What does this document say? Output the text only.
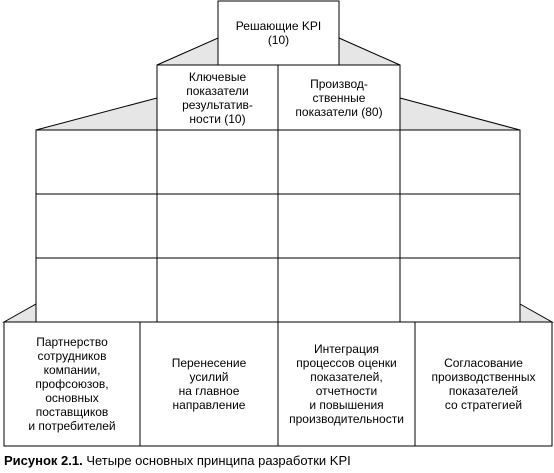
Решающие KPI
(10)
Ключевые
показатели
результатив-
ности (10)
Производ-
ственные
показатели (80)
Партнерство
сотрудников
компании,
профсоюзов,
основных
поставщиков
и потребителей
Перенесение
усилий
на главное
направление
Интеграция
процессов оценки
показателей,
отчетности
и повышения
производительности
Согласование
производственных
показателей
со стратегией
Рисунок 2.1. Четыре основных принципа разработки KPI
